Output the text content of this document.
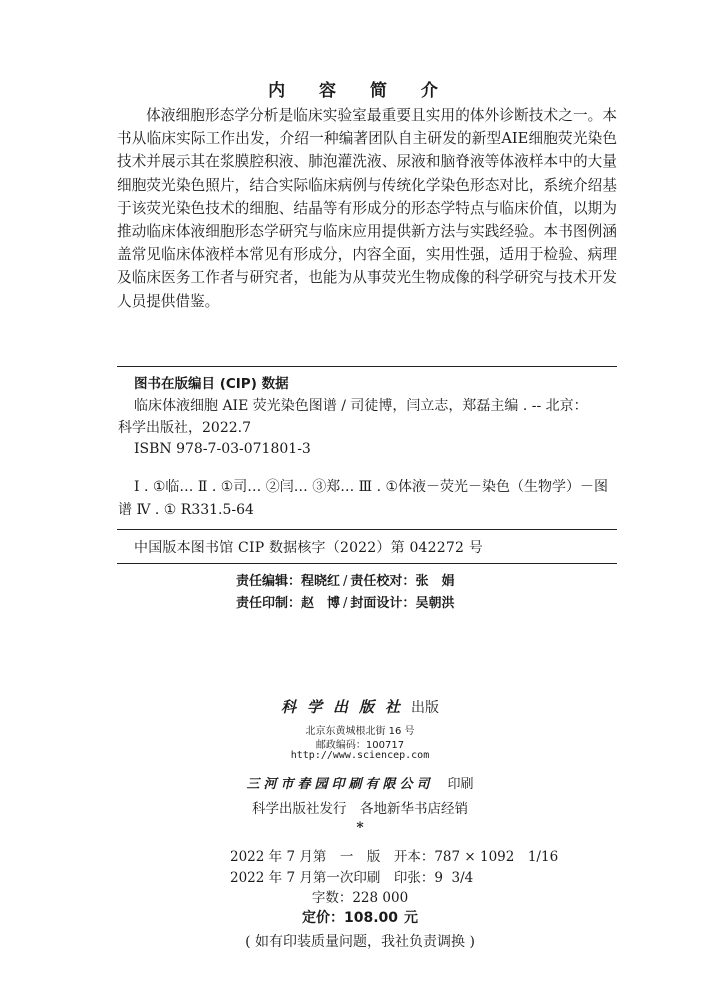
内 容 简 介

体液细胞形态学分析是临床实验室最重要且实用的体外诊断技术之一。本书从临床实际工作出发，介绍一种编著团队自主研发的新型AIE细胞荧光染色技术并展示其在浆膜腔积液、肺泡灌洗液、尿液和脑脊液等体液样本中的大量细胞荧光染色照片，结合实际临床病例与传统化学染色形态对比，系统介绍基于该荧光染色技术的细胞、结晶等有形成分的形态学特点与临床价值，以期为推动临床体液细胞形态学研究与临床应用提供新方法与实践经验。本书图例涵盖常见临床体液样本常见有形成分，内容全面，实用性强，适用于检验、病理及临床医务工作者与研究者，也能为从事荧光生物成像的科学研究与技术开发人员提供借鉴。

图书在版编目 (CIP) 数据
临床体液细胞 AIE 荧光染色图谱 / 司徒博，闫立志，郑磊主编 . -- 北京：
科学出版社，2022.7
ISBN 978-7-03-071801-3

Ⅰ . ①临… Ⅱ . ①司… ②闫… ③郑… Ⅲ . ①体液－荧光－染色（生物学）－图谱 Ⅳ . ① R331.5-64

中国版本图书馆 CIP 数据核字（2022）第 042272 号
责任编辑：程晓红 / 责任校对：张　娟
责任印制：赵　博 / 封面设计：吴朝洪
科学出版社出版
北京东黄城根北街 16 号
邮政编码：100717
http://www.sciencep.com
三河市春园印刷有限公司 印刷
科学出版社发行　各地新华书店经销
*
2022 年 7 月第　一　版　开本：787 × 1092　1/16
2022 年 7 月第一次印刷　印张：9  3/4
字数：228 000
定价：108.00 元
( 如有印装质量问题，我社负责调换 )
